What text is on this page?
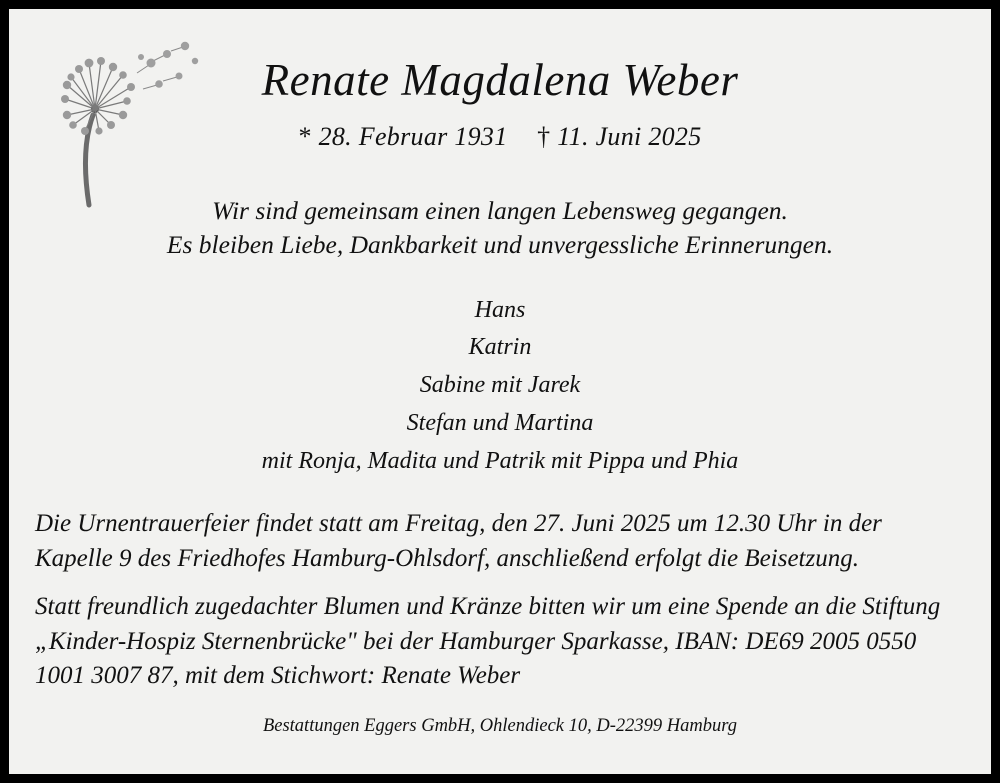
Renate Magdalena Weber
* 28. Februar 1931 † 11. Juni 2025
Wir sind gemeinsam einen langen Lebensweg gegangen.
Es bleiben Liebe, Dankbarkeit und unvergessliche Erinnerungen.
Hans
Katrin
Sabine mit Jarek
Stefan und Martina
mit Ronja, Madita und Patrik mit Pippa und Phia

Die Urnentrauerfeier findet statt am Freitag, den 27. Juni 2025 um 12.30 Uhr in der Kapelle 9 des Friedhofes Hamburg-Ohlsdorf, anschließend erfolgt die Beisetzung.

Statt freundlich zugedachter Blumen und Kränze bitten wir um eine Spende an die Stiftung „Kinder-Hospiz Sternenbrücke" bei der Hamburger Sparkasse, IBAN: DE69 2005 0550 1001 3007 87, mit dem Stichwort: Renate Weber

Bestattungen Eggers GmbH, Ohlendieck 10, D-22399 Hamburg
